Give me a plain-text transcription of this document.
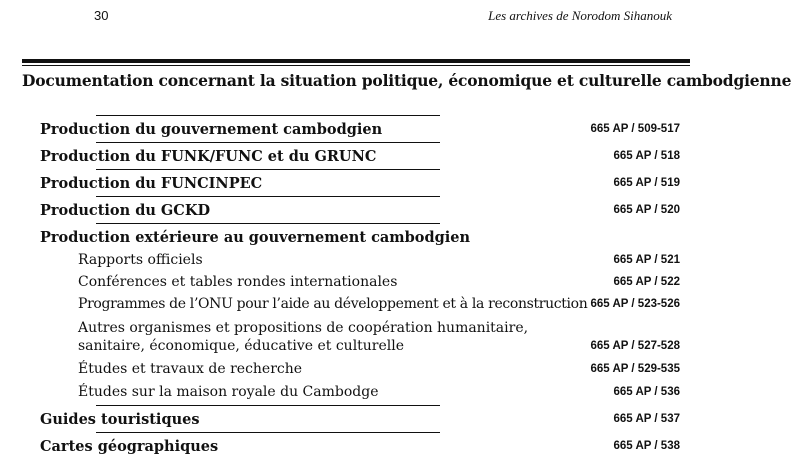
30	Les archives de Norodom Sihanouk
Documentation concernant la situation politique, économique et culturelle cambodgienne
Production du gouvernement cambodgien	665 AP / 509-517
Production du FUNK/FUNC et du GRUNC	665 AP / 518
Production du FUNCINPEC	665 AP / 519
Production du GCKD	665 AP / 520
Production extérieure au gouvernement cambodgien
Rapports officiels	665 AP / 521
Conférences et tables rondes internationales	665 AP / 522
Programmes de l’ONU pour l’aide au développement et à la reconstruction 665 AP / 523-526
Autres organismes et propositions de coopération humanitaire,
sanitaire, économique, éducative et culturelle	665 AP / 527-528
Études et travaux de recherche	665 AP / 529-535
Études sur la maison royale du Cambodge	665 AP / 536
Guides touristiques	665 AP / 537
Cartes géographiques	665 AP / 538
